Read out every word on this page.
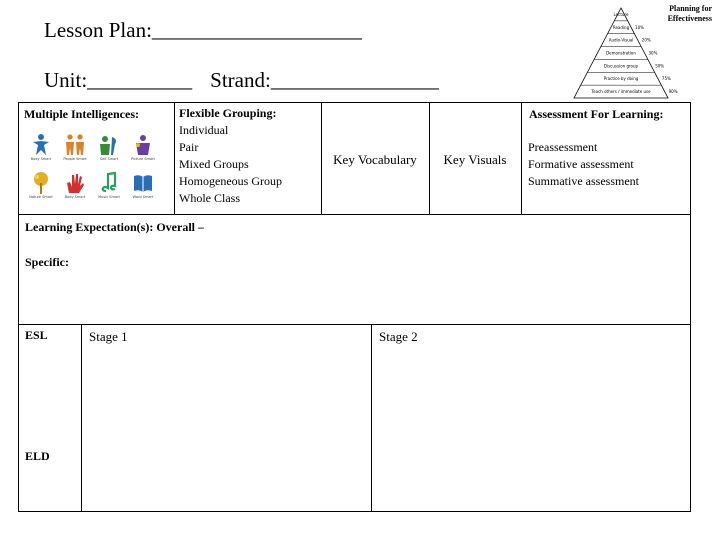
Lesson Plan:____________________
Unit:__________ Strand:________________
Planning for
Effectiveness
Lecture
Reading 10%
Audio-Visual 20%
Demonstration	30%
Discussion group	50%
Practice by doing	75%
Teach others / immediate use	90%
Multiple Intelligences:
Body Smart	People Smart	Self Smart	Picture Smart
Nature Smart	Body Smart	Music Smart	Word Smart
Flexible Grouping:
Individual
Pair
Mixed Groups
Homogeneous Group
Whole Class
Key Vocabulary	Key Visuals
Assessment For Learning:
Preassessment
Formative assessment
Summative assessment
Learning Expectation(s): Overall –
Specific:
ESL
ELD
Stage 1	Stage 2
